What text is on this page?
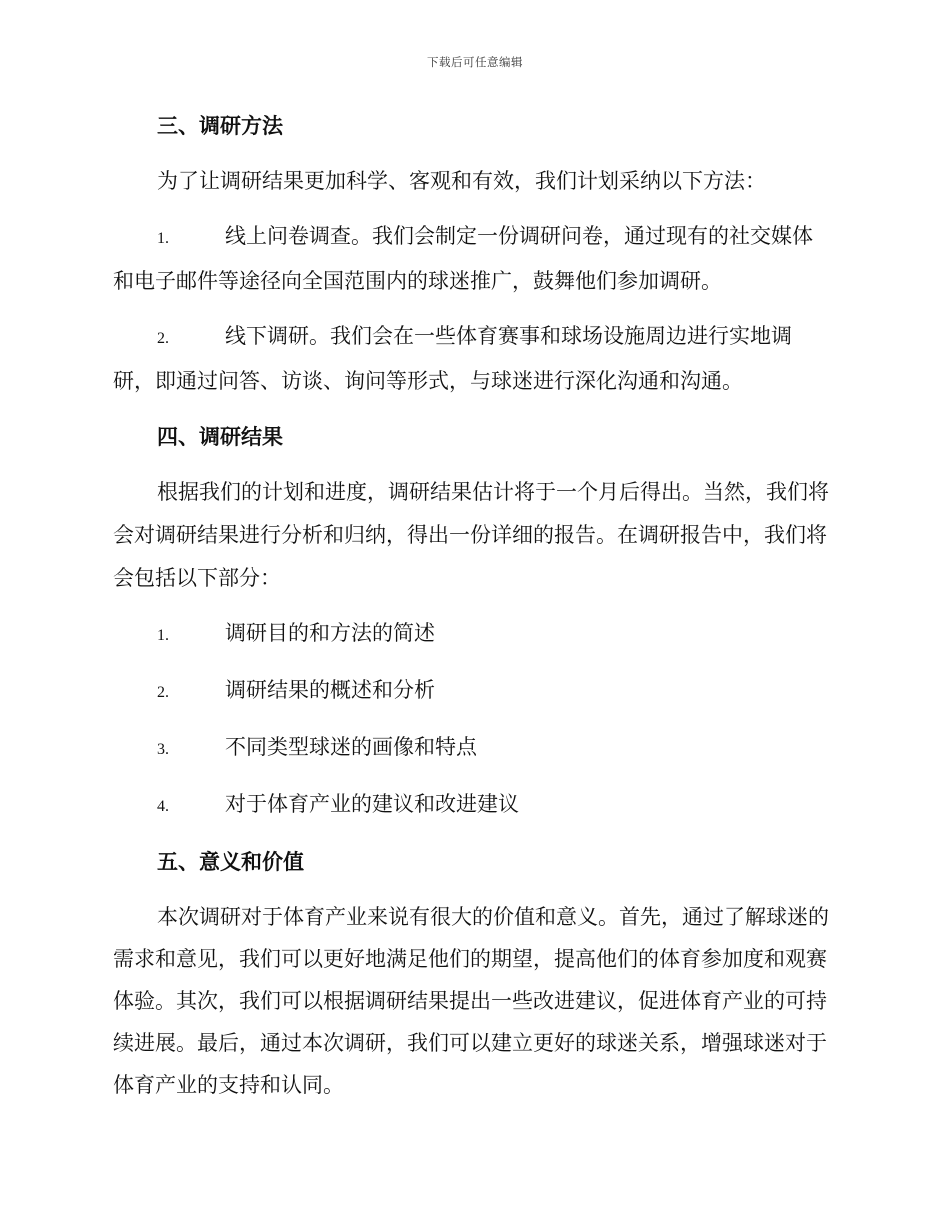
下载后可任意编辑
三、调研方法

为了让调研结果更加科学、客观和有效，我们计划采纳以下方法：

1.	线上问卷调查。我们会制定一份调研问卷，通过现有的社交媒体和电子邮件等途径向全国范围内的球迷推广，鼓舞他们参加调研。

2.	线下调研。我们会在一些体育赛事和球场设施周边进行实地调研，即通过问答、访谈、询问等形式，与球迷进行深化沟通和沟通。

四、调研结果

根据我们的计划和进度，调研结果估计将于一个月后得出。当然，我们将会对调研结果进行分析和归纳，得出一份详细的报告。在调研报告中，我们将会包括以下部分：

1.	调研目的和方法的简述

2.	调研结果的概述和分析

3.	不同类型球迷的画像和特点

4.	对于体育产业的建议和改进建议

五、意义和价值

本次调研对于体育产业来说有很大的价值和意义。首先，通过了解球迷的需求和意见，我们可以更好地满足他们的期望，提高他们的体育参加度和观赛体验。其次，我们可以根据调研结果提出一些改进建议，促进体育产业的可持续进展。最后，通过本次调研，我们可以建立更好的球迷关系，增强球迷对于体育产业的支持和认同。
